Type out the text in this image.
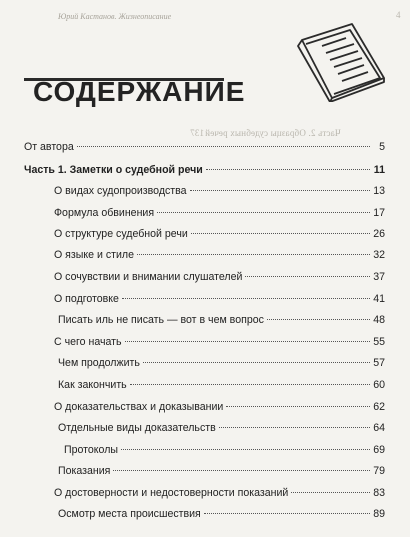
Юрий Кастанов. Жизнеописание	4
Часть 2. Образцы судебных речей
137
СОДЕРЖАНИЕ
От автора	5
Часть 1. Заметки о судебной речи	11
О видах судопроизводства	13
Формула обвинения	17
О структуре судебной речи	26
О языке и стиле	32
О сочувствии и внимании слушателей	37
О подготовке	41
Писать иль не писать — вот в чем вопрос	48
С чего начать	55
Чем продолжить	57
Как закончить	60
О доказательствах и доказывании	62
Отдельные виды доказательств	64
Протоколы	69
Показания	79
О достоверности и недостоверности показаний	83
Осмотр места происшествия	89
